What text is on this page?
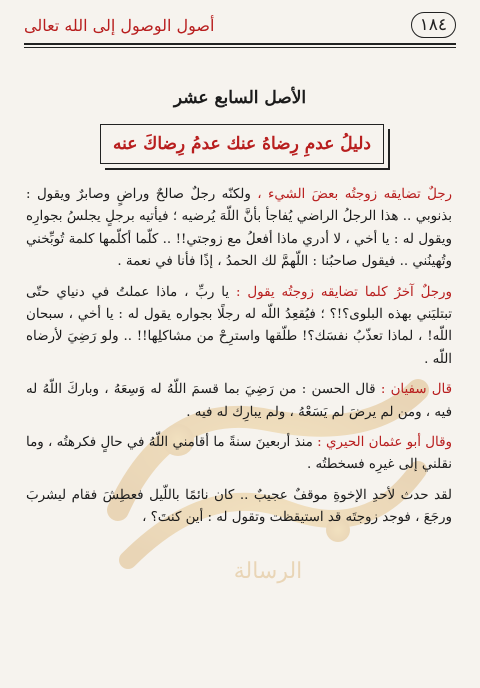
١٨٤
أصول الوصول إلى الله تعالى
الرسالة
الأصل السابع عشر
دليلُ عدمِ رِضاهُ عنك عدمُ رِضاكَ عنه

رجلٌ تضايقه زوجتُه بعضَ الشيء ، ولكنّه رجلٌ صالحٌ وراضٍ وصابرٌ ويقول : بذنوبي .. هذا الرجلُ الراضي يُفاجأ بأنَّ اللّهَ يُرضيه ؛ فيأتيه برجلٍ يجلسُ بجوارِه ويقول له : يا أخي ، لا أدري ماذا أفعلُ مع زوجتي!! .. كلّما أكلّمها كلمة تُوبِّخني وتُهينُني .. فيقول صاحبُنا : اللّهمَّ لك الحمدُ ، إذًا فأنا في نعمة .

ورجلٌ آخرُ كلما تضايقه زوجتُه يقول : يا ربِّ ، ماذا عملتُ في دنياي حتّى تبتليَني بهذه البلوى؟!؟ ؛ فيُقعِدُ اللّه له رجلًا بجواره يقول له : يا أخي ، سبحان اللّه! ، لماذا تعذّبُ نفسَك؟! طلّقها واسترِحْ من مشاكلِها!! .. ولو رَضِيَ لأرضاه اللّه .

قال سفيان : قال الحسن : من رَضِيَ بما قسمَ اللّهُ له وَسِعَهُ ، وباركَ اللّهُ له فيه ، ومن لم يرضَ لم يَسَعْهُ ، ولم يبارِك له فيه .

وقال أبو عثمان الحيري : منذ أربعينَ سنةً ما أقامني اللّهُ في حالٍ فكرهتُه ، وما نقلني إلى غيرِه فسخطتُه .

لقد حدث لأحدِ الإخوةِ موقفٌ عجيبٌ .. كان نائمًا باللّيل فعطِشَ فقام ليشربَ ورجَعَ ، فوجد زوجتَه قد استيقظت وتقول له : أين كنتَ؟ ،
